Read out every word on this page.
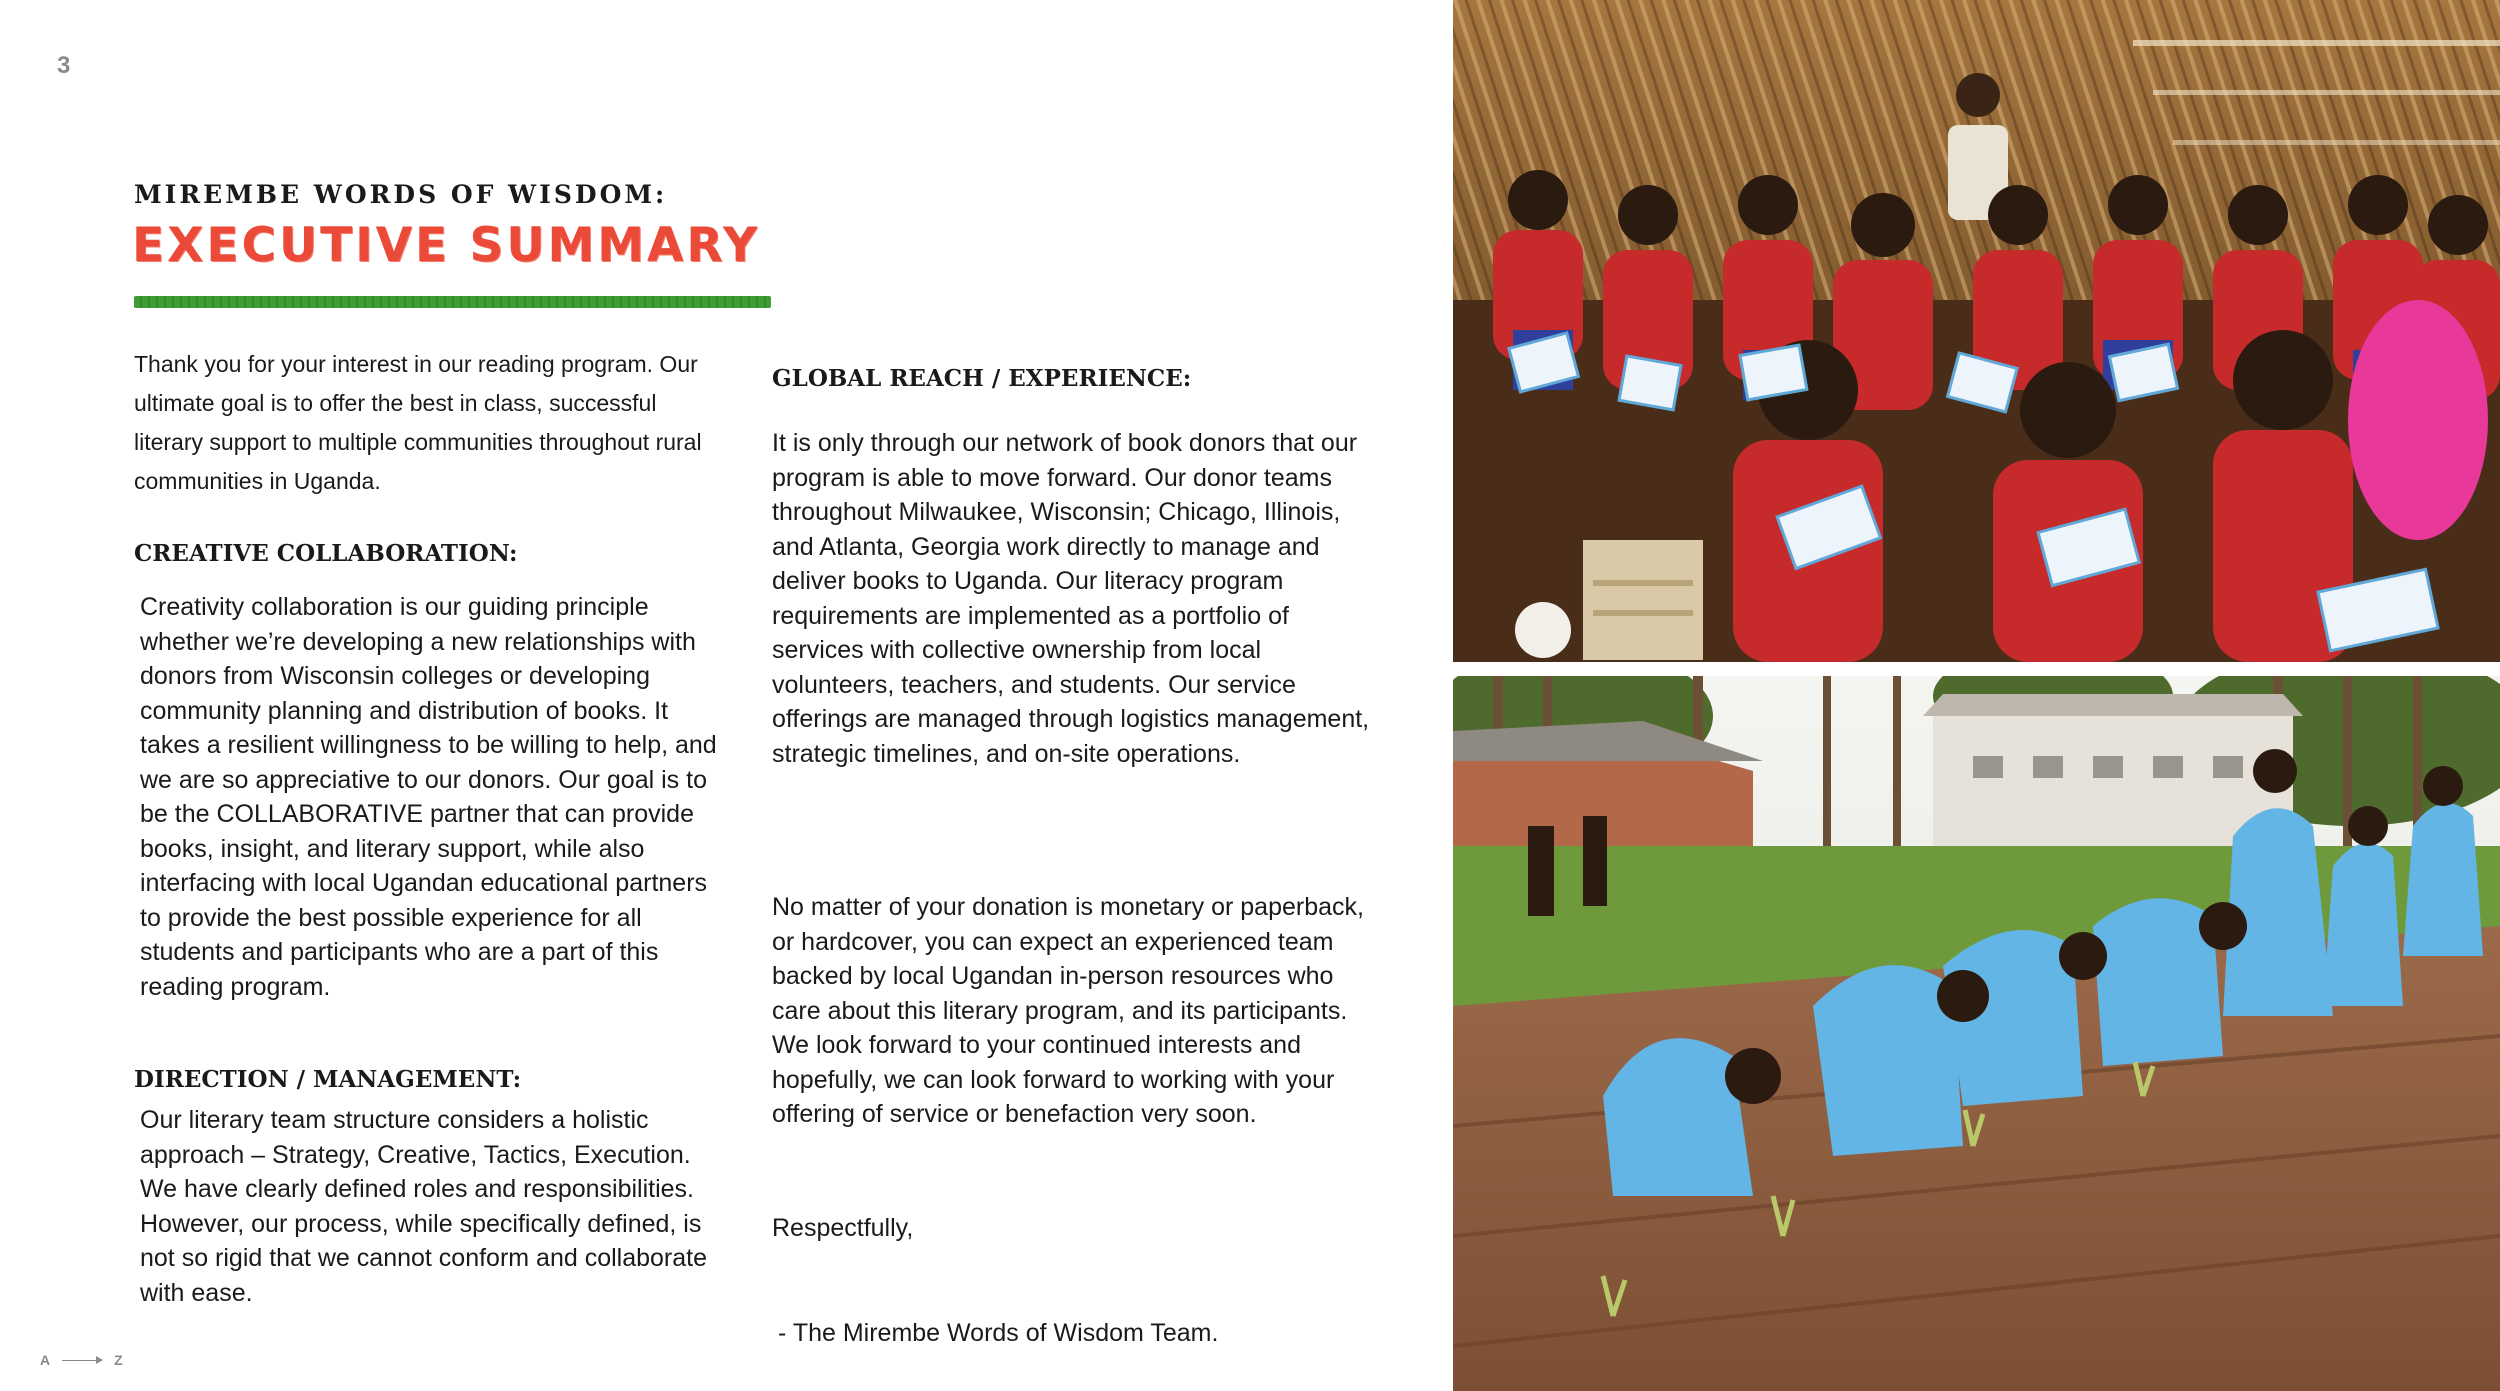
3
MIREMBE WORDS OF WISDOM:
EXECUTIVE SUMMARY

Thank you for your interest in our reading program. Our ultimate goal is to offer the best in class, successful literary support to multiple communities throughout rural communities in Uganda.

CREATIVE COLLABORATION:

Creativity collaboration is our guiding principle whether we’re developing a new relationships with donors from Wisconsin colleges or developing community planning and distribution of books. It takes a resilient willingness to be willing to help, and we are so appreciative to our donors. Our goal is to be the COLLABORATIVE partner that can provide books, insight, and literary support, while also interfacing with local Ugandan educational partners to provide the best possible experience for all students and participants who are a part of this reading program.

DIRECTION / MANAGEMENT:

Our literary team structure considers a holistic approach – Strategy, Creative, Tactics, Execution. We have clearly defined roles and responsibilities. However, our process, while specifically defined, is not so rigid that we cannot conform and collaborate with ease.

GLOBAL REACH / EXPERIENCE:

It is only through our network of book donors that our program is able to move forward. Our donor teams throughout Milwaukee, Wisconsin; Chicago, Illinois, and Atlanta, Georgia work directly to manage and deliver books to Uganda. Our literacy program requirements are implemented as a portfolio of services with collective ownership from local volunteers, teachers, and students. Our service offerings are managed through logistics management, strategic timelines, and on-site operations.

No matter of your donation is monetary or paperback, or hardcover, you can expect an experienced team backed by local Ugandan in-person resources who care about this literary program, and its participants. We look forward to your continued interests and hopefully, we can look forward to working with your offering of service or benefaction very soon.

Respectfully,
- The Mirembe Words of Wisdom Team.
A	Z
